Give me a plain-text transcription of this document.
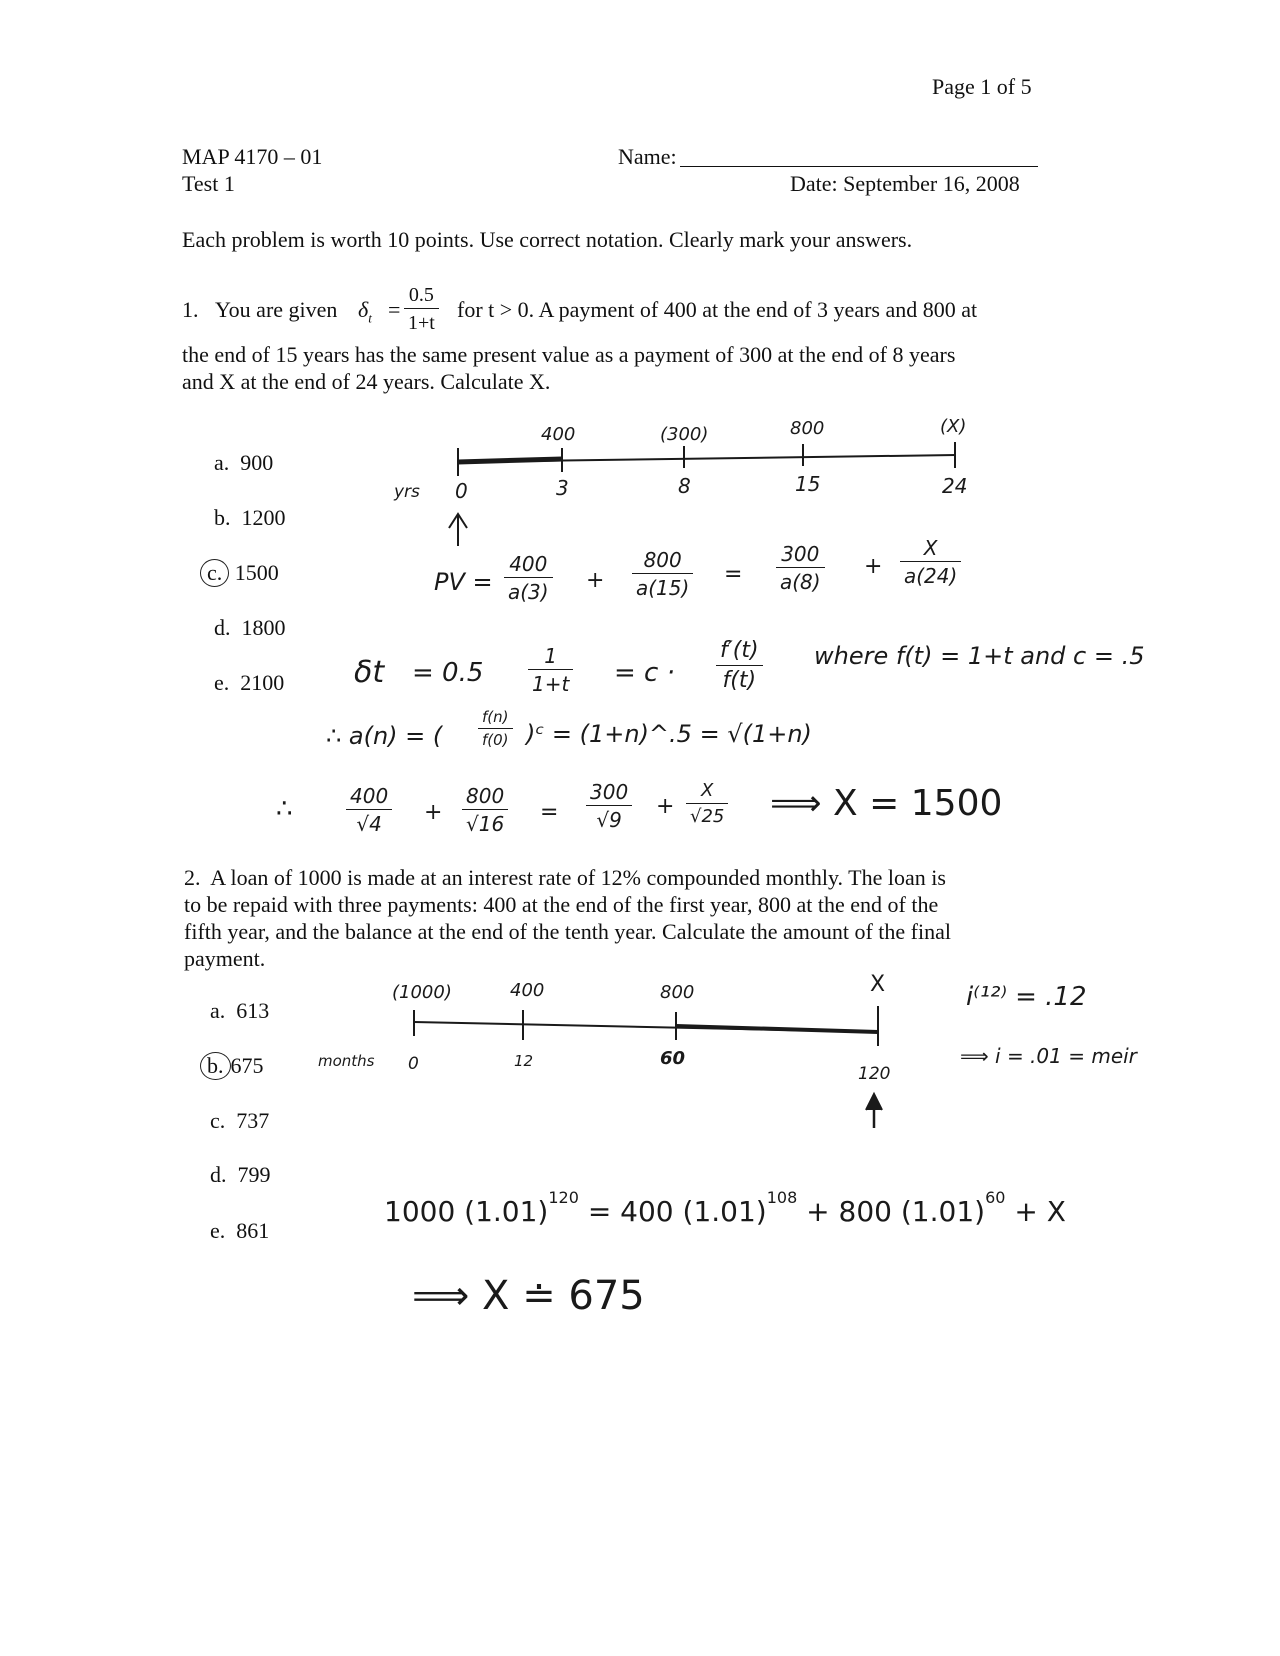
Page 1 of 5
MAP 4170 – 01
Test 1
Name:
Date: September 16, 2008
Each problem is worth 10 points. Use correct notation. Clearly mark your answers.
1. You are given $\delta_t = \frac{0.5}{1+t}$ for t > 0. A payment of 400 at the end of 3 years and 800 at
the end of 15 years has the same present value as a payment of 300 at the end of 8 years
and X at the end of 24 years. Calculate X.
a. 900
b. 1200
c. 1500
d. 1800
e. 2100
400	(300)	800	(X)
yrs 0	3	8	15	24
PV = $\frac{400}{a(3)} + \frac{800}{a(15)} = \frac{300}{a(8)} + \frac{X}{a(24)}$
$\delta t = 0.5 \frac{1}{1+t} = c \cdot \frac{f'(t)}{f(t)}$ where f(t) = 1+t and c = .5
∴ a(n) = ( $\frac{f(n)}{f(0)}$ )ᶜ = (1+n)^.5 = √(1+n)
∴	$\frac{400}{√4} + \frac{800}{√16} = \frac{300}{√9} + \frac{X}{√25}$ ⟹ X = 1500
2. A loan of 1000 is made at an interest rate of 12% compounded monthly. The loan is
to be repaid with three payments: 400 at the end of the first year, 800 at the end of the
fifth year, and the balance at the end of the tenth year. Calculate the amount of the final
payment.
a. 613
b. 675
c. 737
d. 799
e. 861
(1000)	400	800	X
months 0	12	60
120
i⁽¹²⁾ = .12
⟹ i = .01 = meir
1000 $(1.01)^{120} = 400$ $(1.01)^{108} + 800$ $(1.01)^{60} + X$
⟹ X ≐ 675
